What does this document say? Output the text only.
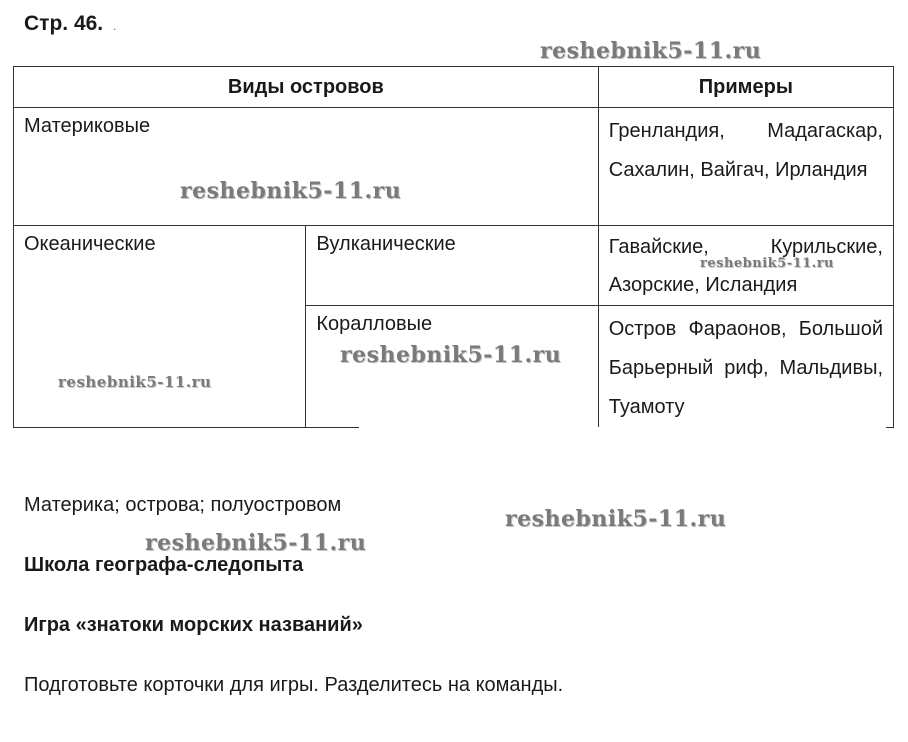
Стр. 46. .
Виды островов		Примеры

Материковые		Гренландия, Мадагаскар, Сахалин, Вайгач, Ирландия

Океанические	Вулканические	Гавайские, Курильские, Азорские, Исландия

	Коралловые	Остров Фараонов, Большой Барьерный риф, Мальдивы, Туамоту
Материка; острова; полуостровом
Школа географа-следопыта
Игра «знатоки морских названий»
Подготовьте корточки для игры. Разделитесь на команды.
reshebnik5-11.ru
reshebnik5-11.ru
reshebnik5-11.ru
reshebnik5-11.ru
reshebnik5-11.ru
reshebnik5-11.ru
reshebnik5-11.ru
